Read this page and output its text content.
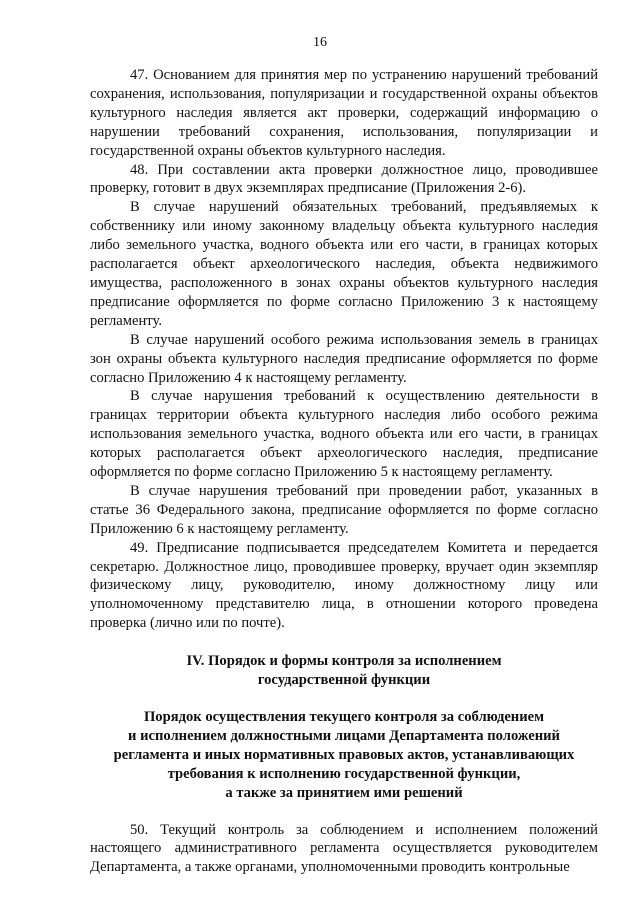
16

47. Основанием для принятия мер по устранению нарушений требований сохранения, использования, популяризации и государственной охраны объектов культурного наследия является акт проверки, содержащий информацию о нарушении требований сохранения, использования, популяризации и государственной охраны объектов культурного наследия.

48. При составлении акта проверки должностное лицо, проводившее проверку, готовит в двух экземплярах предписание (Приложения 2-6).

В случае нарушений обязательных требований, предъявляемых к собственнику или иному законному владельцу объекта культурного наследия либо земельного участка, водного объекта или его части, в границах которых располагается объект археологического наследия, объекта недвижимого имущества, расположенного в зонах охраны объектов культурного наследия предписание оформляется по форме согласно Приложению 3 к настоящему регламенту.

В случае нарушений особого режима использования земель в границах зон охраны объекта культурного наследия предписание оформляется по форме согласно Приложению 4 к настоящему регламенту.

В случае нарушения требований к осуществлению деятельности в границах территории объекта культурного наследия либо особого режима использования земельного участка, водного объекта или его части, в границах которых располагается объект археологического наследия, предписание оформляется по форме согласно Приложению 5 к настоящему регламенту.

В случае нарушения требований при проведении работ, указанных в статье 36 Федерального закона, предписание оформляется по форме согласно Приложению 6 к настоящему регламенту.

49. Предписание подписывается председателем Комитета и передается секретарю. Должностное лицо, проводившее проверку, вручает один экземпляр физическому лицу, руководителю, иному должностному лицу или уполномоченному представителю лица, в отношении которого проведена проверка (лично или по почте).

IV. Порядок и формы контроля за исполнением

государственной функции

Порядок осуществления текущего контроля за соблюдением

и исполнением должностными лицами Департамента положений

регламента и иных нормативных правовых актов, устанавливающих

требования к исполнению государственной функции,

а также за принятием ими решений

50. Текущий контроль за соблюдением и исполнением положений настоящего административного регламента осуществляется руководителем Департамента, а также органами, уполномоченными проводить контрольные
